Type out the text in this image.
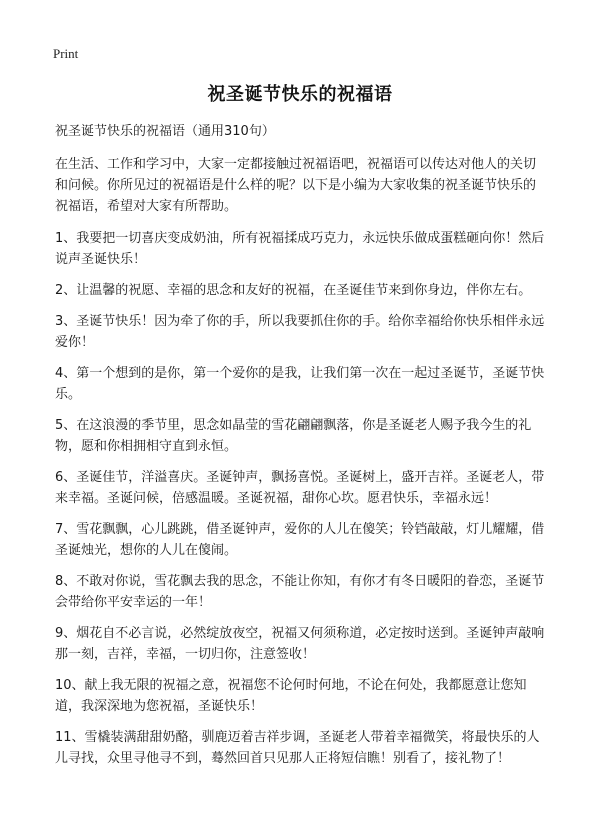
Print
祝圣诞节快乐的祝福语

祝圣诞节快乐的祝福语（通用310句）

在生活、工作和学习中，大家一定都接触过祝福语吧，祝福语可以传达对他人的关切和问候。你所见过的祝福语是什么样的呢？以下是小编为大家收集的祝圣诞节快乐的祝福语，希望对大家有所帮助。

1、我要把一切喜庆变成奶油，所有祝福揉成巧克力，永远快乐做成蛋糕砸向你！然后说声圣诞快乐！

2、让温馨的祝愿、幸福的思念和友好的祝福，在圣诞佳节来到你身边，伴你左右。

3、圣诞节快乐！因为牵了你的手，所以我要抓住你的手。给你幸福给你快乐相伴永远爱你！

4、第一个想到的是你，第一个爱你的是我，让我们第一次在一起过圣诞节，圣诞节快乐。

5、在这浪漫的季节里，思念如晶莹的雪花翩翩飘落，你是圣诞老人赐予我今生的礼物，愿和你相拥相守直到永恒。

6、圣诞佳节，洋溢喜庆。圣诞钟声，飘扬喜悦。圣诞树上，盛开吉祥。圣诞老人，带来幸福。圣诞问候，倍感温暖。圣诞祝福，甜你心坎。愿君快乐，幸福永远！

7、雪花飘飘，心儿跳跳，借圣诞钟声，爱你的人儿在傻笑；铃铛敲敲，灯儿耀耀，借圣诞烛光，想你的人儿在傻闹。

8、不敢对你说，雪花飘去我的思念，不能让你知，有你才有冬日暖阳的眷恋，圣诞节会带给你平安幸运的一年！

9、烟花自不必言说，必然绽放夜空，祝福又何须称道，必定按时送到。圣诞钟声敲响那一刻，吉祥，幸福，一切归你，注意签收！

10、献上我无限的祝福之意，祝福您不论何时何地，不论在何处，我都愿意让您知道，我深深地为您祝福，圣诞快乐！

11、雪橇装满甜甜奶酪，驯鹿迈着吉祥步调，圣诞老人带着幸福微笑，将最快乐的人儿寻找，众里寻他寻不到，蓦然回首只见那人正将短信瞧！别看了，接礼物了！
